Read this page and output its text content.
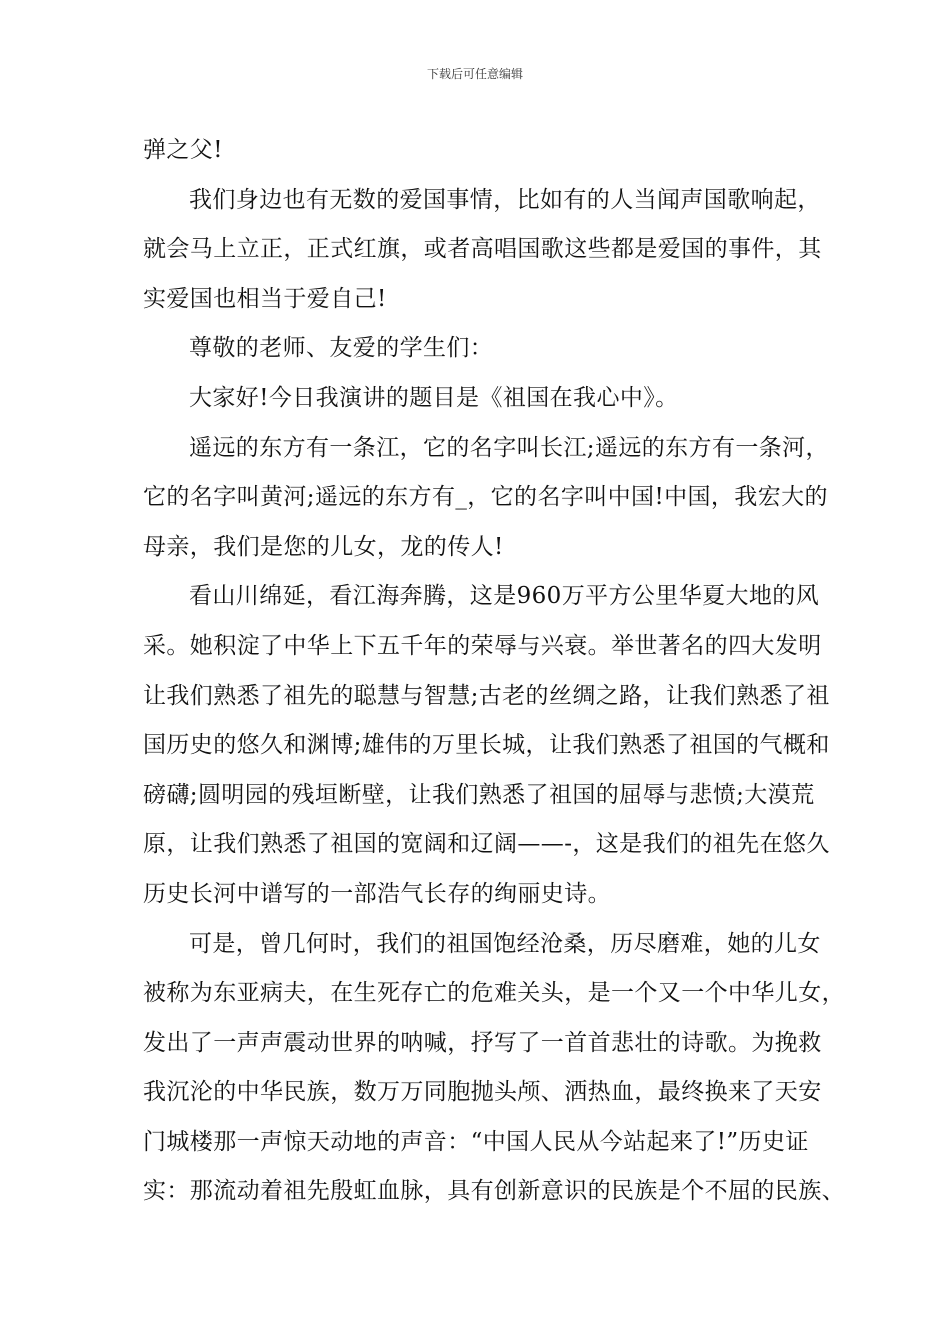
下载后可任意编辑
弹之父!
我们身边也有无数的爱国事情，比如有的人当闻声国歌响起，
就会马上立正，正式红旗，或者高唱国歌这些都是爱国的事件，其
实爱国也相当于爱自己!
尊敬的老师、友爱的学生们：
大家好!今日我演讲的题目是《祖国在我心中》。
遥远的东方有一条江，它的名字叫长江;遥远的东方有一条河，
它的名字叫黄河;遥远的东方有_，它的名字叫中国!中国，我宏大的
母亲，我们是您的儿女，龙的传人!
看山川绵延，看江海奔腾，这是960万平方公里华夏大地的风
采。她积淀了中华上下五千年的荣辱与兴衰。举世著名的四大发明
让我们熟悉了祖先的聪慧与智慧;古老的丝绸之路，让我们熟悉了祖
国历史的悠久和渊博;雄伟的万里长城，让我们熟悉了祖国的气概和
磅礴;圆明园的残垣断壁，让我们熟悉了祖国的屈辱与悲愤;大漠荒
原，让我们熟悉了祖国的宽阔和辽阔——-，这是我们的祖先在悠久
历史长河中谱写的一部浩气长存的绚丽史诗。
可是，曾几何时，我们的祖国饱经沧桑，历尽磨难，她的儿女
被称为东亚病夫，在生死存亡的危难关头，是一个又一个中华儿女，
发出了一声声震动世界的呐喊，抒写了一首首悲壮的诗歌。为挽救
我沉沦的中华民族，数万万同胞抛头颅、洒热血，最终换来了天安
门城楼那一声惊天动地的声音：“中国人民从今站起来了!”历史证
实：那流动着祖先殷虹血脉，具有创新意识的民族是个不屈的民族、
